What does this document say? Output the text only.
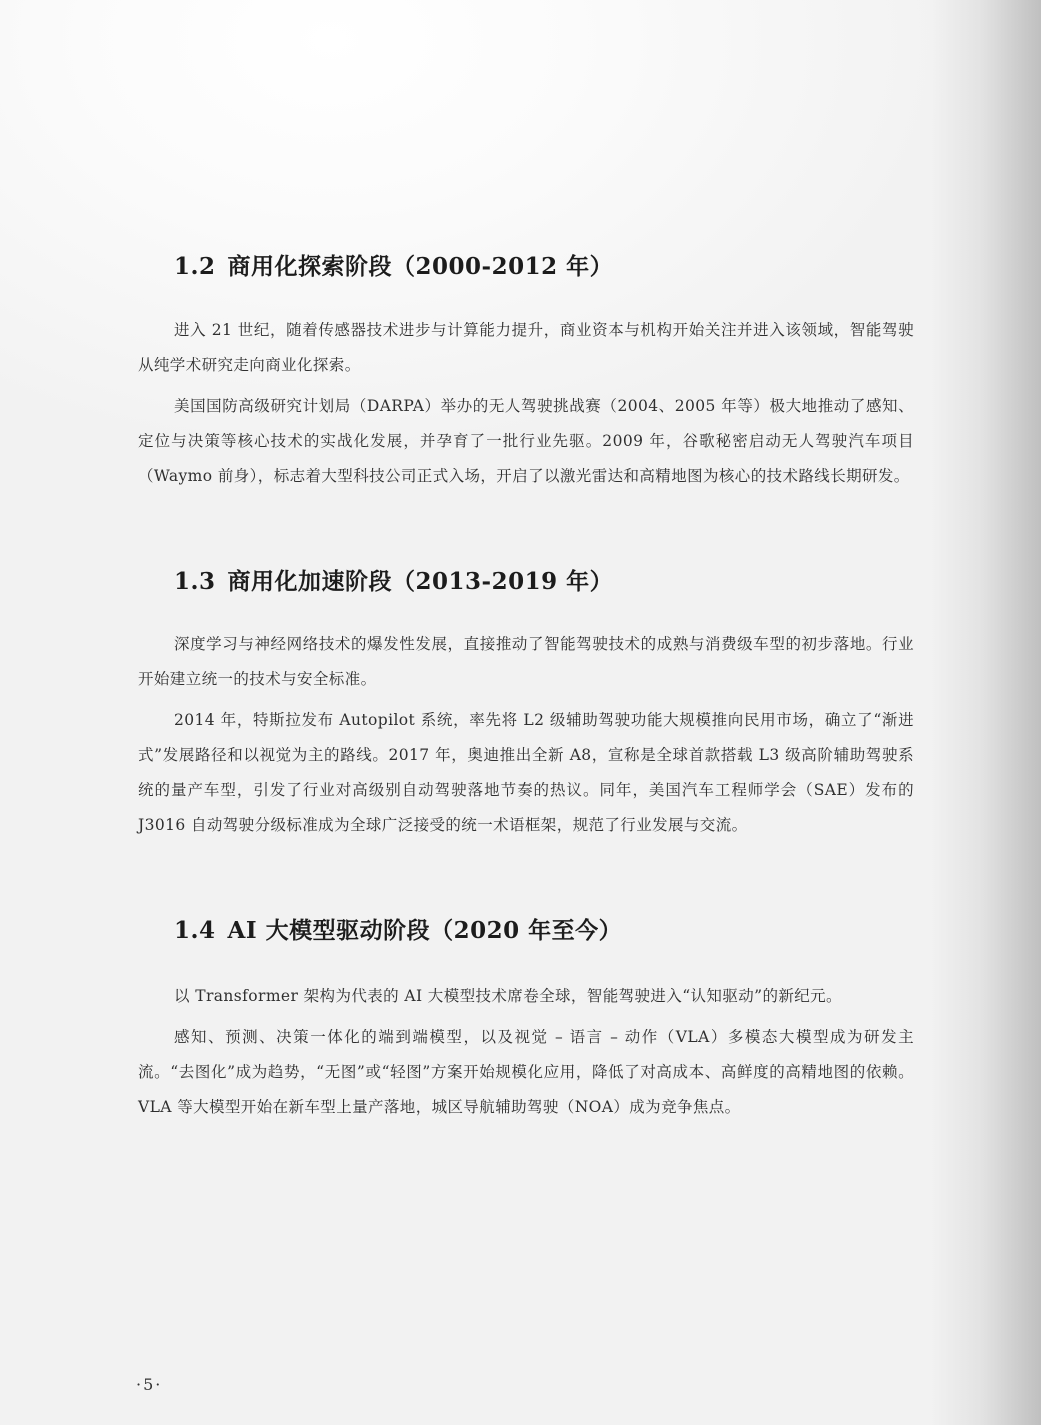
1.2 商用化探索阶段（2000-2012 年）

进入 21 世纪，随着传感器技术进步与计算能力提升，商业资本与机构开始关注并进入该领域，智能驾驶从纯学术研究走向商业化探索。

美国国防高级研究计划局（DARPA）举办的无人驾驶挑战赛（2004、2005 年等）极大地推动了感知、定位与决策等核心技术的实战化发展，并孕育了一批行业先驱。2009 年，谷歌秘密启动无人驾驶汽车项目（Waymo 前身），标志着大型科技公司正式入场，开启了以激光雷达和高精地图为核心的技术路线长期研发。

1.3 商用化加速阶段（2013-2019 年）

深度学习与神经网络技术的爆发性发展，直接推动了智能驾驶技术的成熟与消费级车型的初步落地。行业开始建立统一的技术与安全标准。

2014 年，特斯拉发布 Autopilot 系统，率先将 L2 级辅助驾驶功能大规模推向民用市场，确立了“渐进式”发展路径和以视觉为主的路线。2017 年，奥迪推出全新 A8，宣称是全球首款搭载 L3 级高阶辅助驾驶系统的量产车型，引发了行业对高级别自动驾驶落地节奏的热议。同年，美国汽车工程师学会（SAE）发布的 J3016 自动驾驶分级标准成为全球广泛接受的统一术语框架，规范了行业发展与交流。

1.4 AI 大模型驱动阶段（2020 年至今）

以 Transformer 架构为代表的 AI 大模型技术席卷全球，智能驾驶进入“认知驱动”的新纪元。

感知、预测、决策一体化的端到端模型，以及视觉 – 语言 – 动作（VLA）多模态大模型成为研发主流。“去图化”成为趋势，“无图”或“轻图”方案开始规模化应用，降低了对高成本、高鲜度的高精地图的依赖。VLA 等大模型开始在新车型上量产落地，城区导航辅助驾驶（NOA）成为竞争焦点。

·5·
